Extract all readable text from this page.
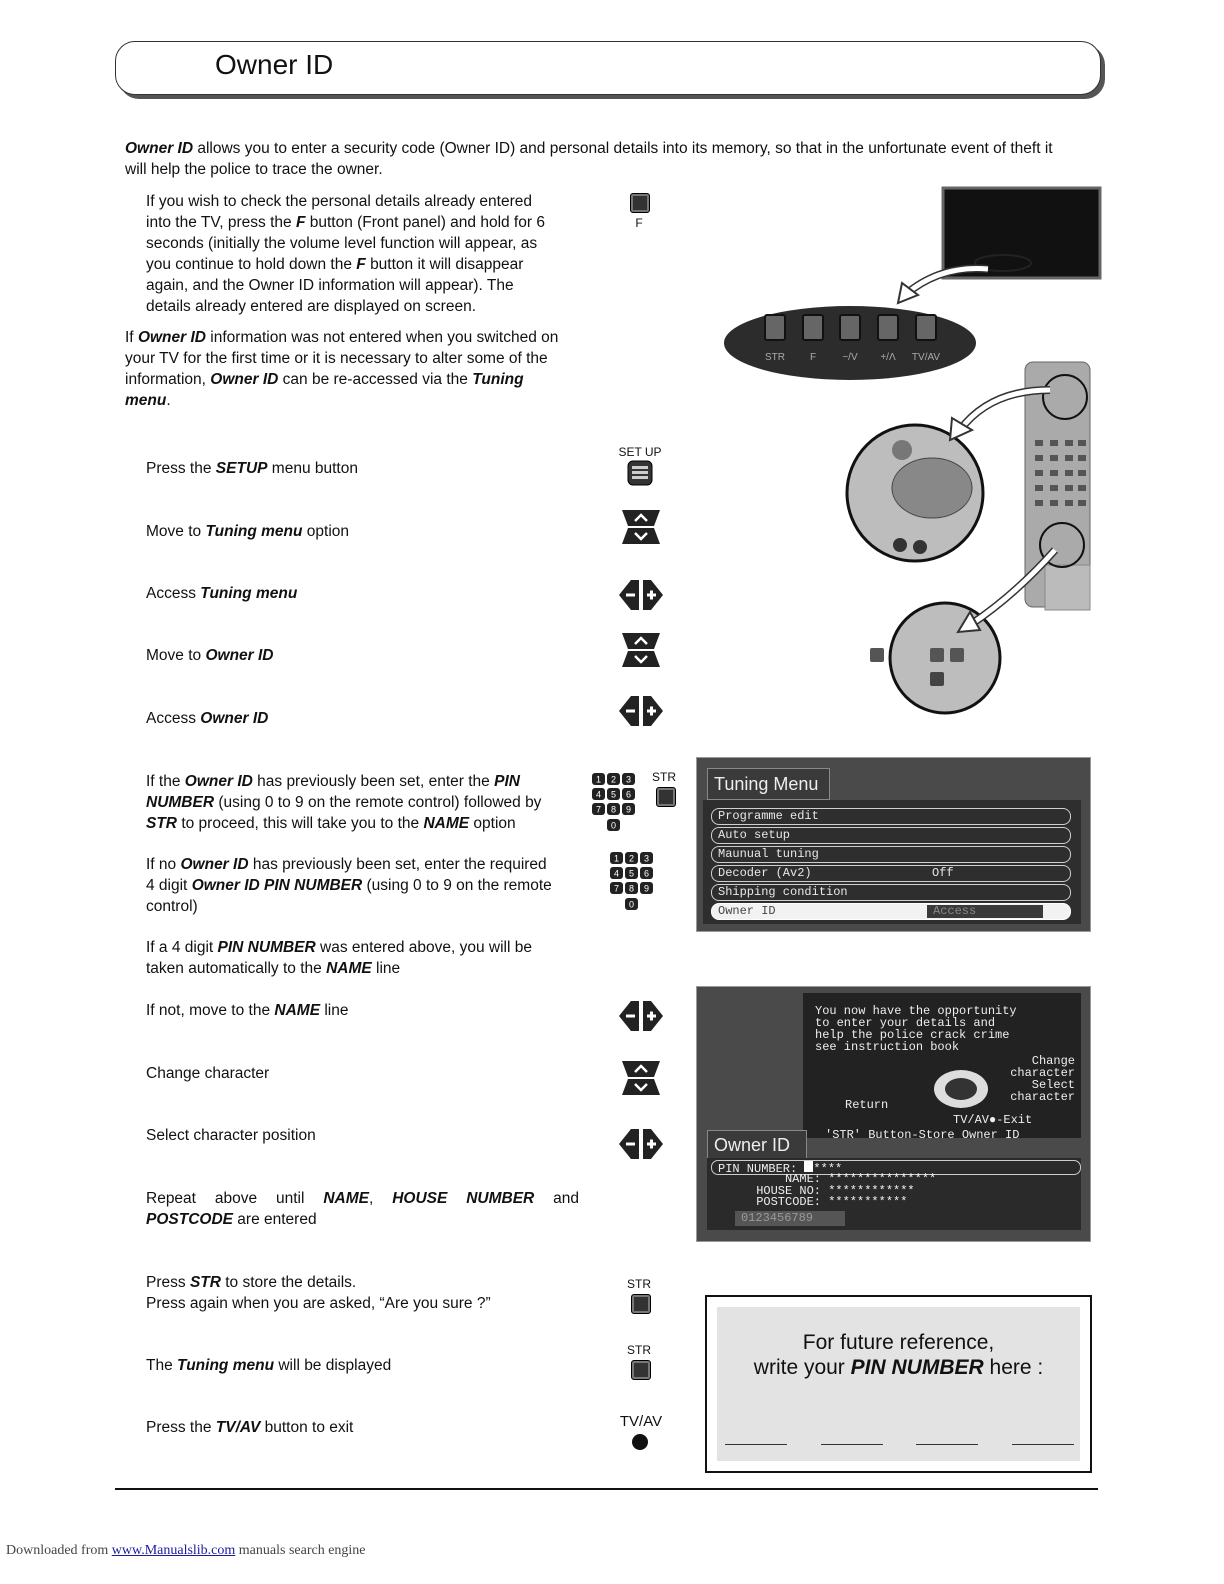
Owner ID
Owner ID allows you to enter a security code (Owner ID) and personal details into its memory, so that in the unfortunate event of theft it
will help the police to trace the owner.
If you wish to check the personal details already entered
into the TV, press the F button (Front panel) and hold for 6
seconds (initially the volume level function will appear, as
you continue to hold down the F button it will disappear
again, and the Owner ID information will appear). The
details already entered are displayed on screen.
F
If Owner ID information was not entered when you switched on
your TV for the first time or it is necessary to alter some of the
information, Owner ID can be re-accessed via the Tuning
menu.
STR F	−/V +/Λ TV/AV
Press the SETUP menu button
SET UP
Move to Tuning menu option
Access Tuning menu
Move to Owner ID
Access Owner ID
If the Owner ID has previously been set, enter the PIN
NUMBER (using 0 to 9 on the remote control) followed by
STR to proceed, this will take you to the NAME option
1 2 3
4 5 6
7 8 9
0
STR
If no Owner ID has previously been set, enter the required
4 digit Owner ID PIN NUMBER (using 0 to 9 on the remote
control)
1 2 3
4 5 6
7 8 9
0
Tuning Menu
Programme edit
Auto setup
Maunual tuning
Decoder (Av2)	Off
Shipping condition
Owner ID	Access
If a 4 digit PIN NUMBER was entered above, you will be
taken automatically to the NAME line
If not, move to the NAME line
Change character
Select character position
You now have the opportunity
to enter your details and
help the police crack crime
see instruction book
Change
character
Select
character
Return
TV/AV●-Exit
'STR' Button-Store Owner ID
Owner ID
PIN NUMBER: ****
NAME: ***************
HOUSE NO: ************
POSTCODE: ***********
0123456789
Repeat above until NAME, HOUSE NUMBER and
POSTCODE are entered
Press STR to store the details.
Press again when you are asked, “Are you sure ?”
STR
The Tuning menu will be displayed
STR
Press the TV/AV button to exit	TV/AV
For future reference,
write your PIN NUMBER here :
Downloaded from www.Manualslib.com manuals search engine
